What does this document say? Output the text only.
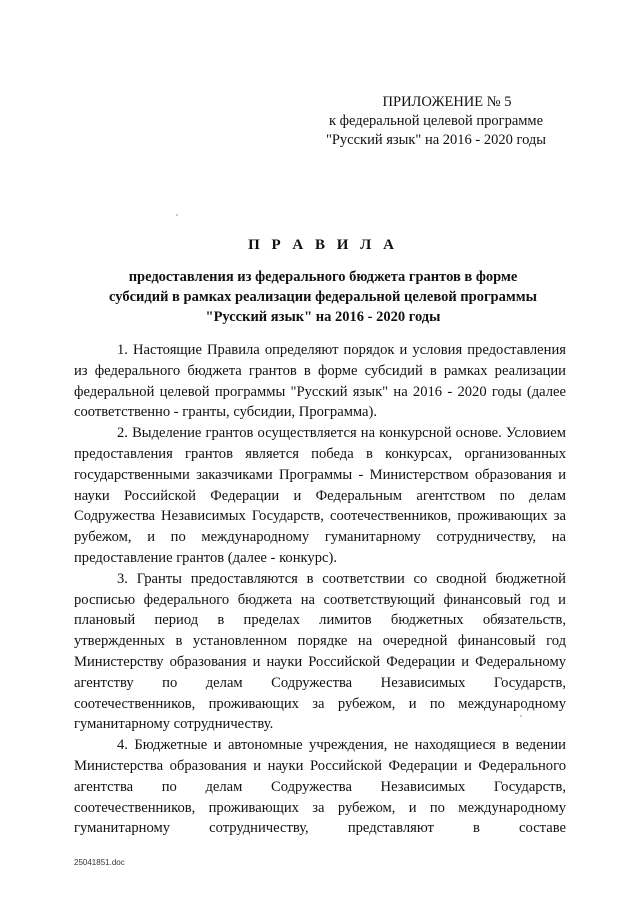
ПРИЛОЖЕНИЕ № 5
к федеральной целевой программе
"Русский язык" на 2016 - 2020 годы
П Р А В И Л А
предоставления из федерального бюджета грантов в форме
субсидий в рамках реализации федеральной целевой программы
"Русский язык" на 2016 - 2020 годы

1. Настоящие Правила определяют порядок и условия предоставления из федерального бюджета грантов в форме субсидий в рамках реализации федеральной целевой программы "Русский язык" на 2016 - 2020 годы (далее соответственно - гранты, субсидии, Программа).

2. Выделение грантов осуществляется на конкурсной основе. Условием предоставления грантов является победа в конкурсах, организованных государственными заказчиками Программы - Министерством образования и науки Российской Федерации и Федеральным агентством по делам Содружества Независимых Государств, соотечественников, проживающих за рубежом, и по международному гуманитарному сотрудничеству, на предоставление грантов (далее - конкурс).

3. Гранты предоставляются в соответствии со сводной бюджетной росписью федерального бюджета на соответствующий финансовый год и плановый период в пределах лимитов бюджетных обязательств, утвержденных в установленном порядке на очередной финансовый год Министерству образования и науки Российской Федерации и Федеральному агентству по делам Содружества Независимых Государств, соотечественников, проживающих за рубежом, и по международному гуманитарному сотрудничеству.

4. Бюджетные и автономные учреждения, не находящиеся в ведении Министерства образования и науки Российской Федерации и Федерального агентства по делам Содружества Независимых Государств, соотечественников, проживающих за рубежом, и по международному гуманитарному сотрудничеству, представляют в составе

25041851.doc
